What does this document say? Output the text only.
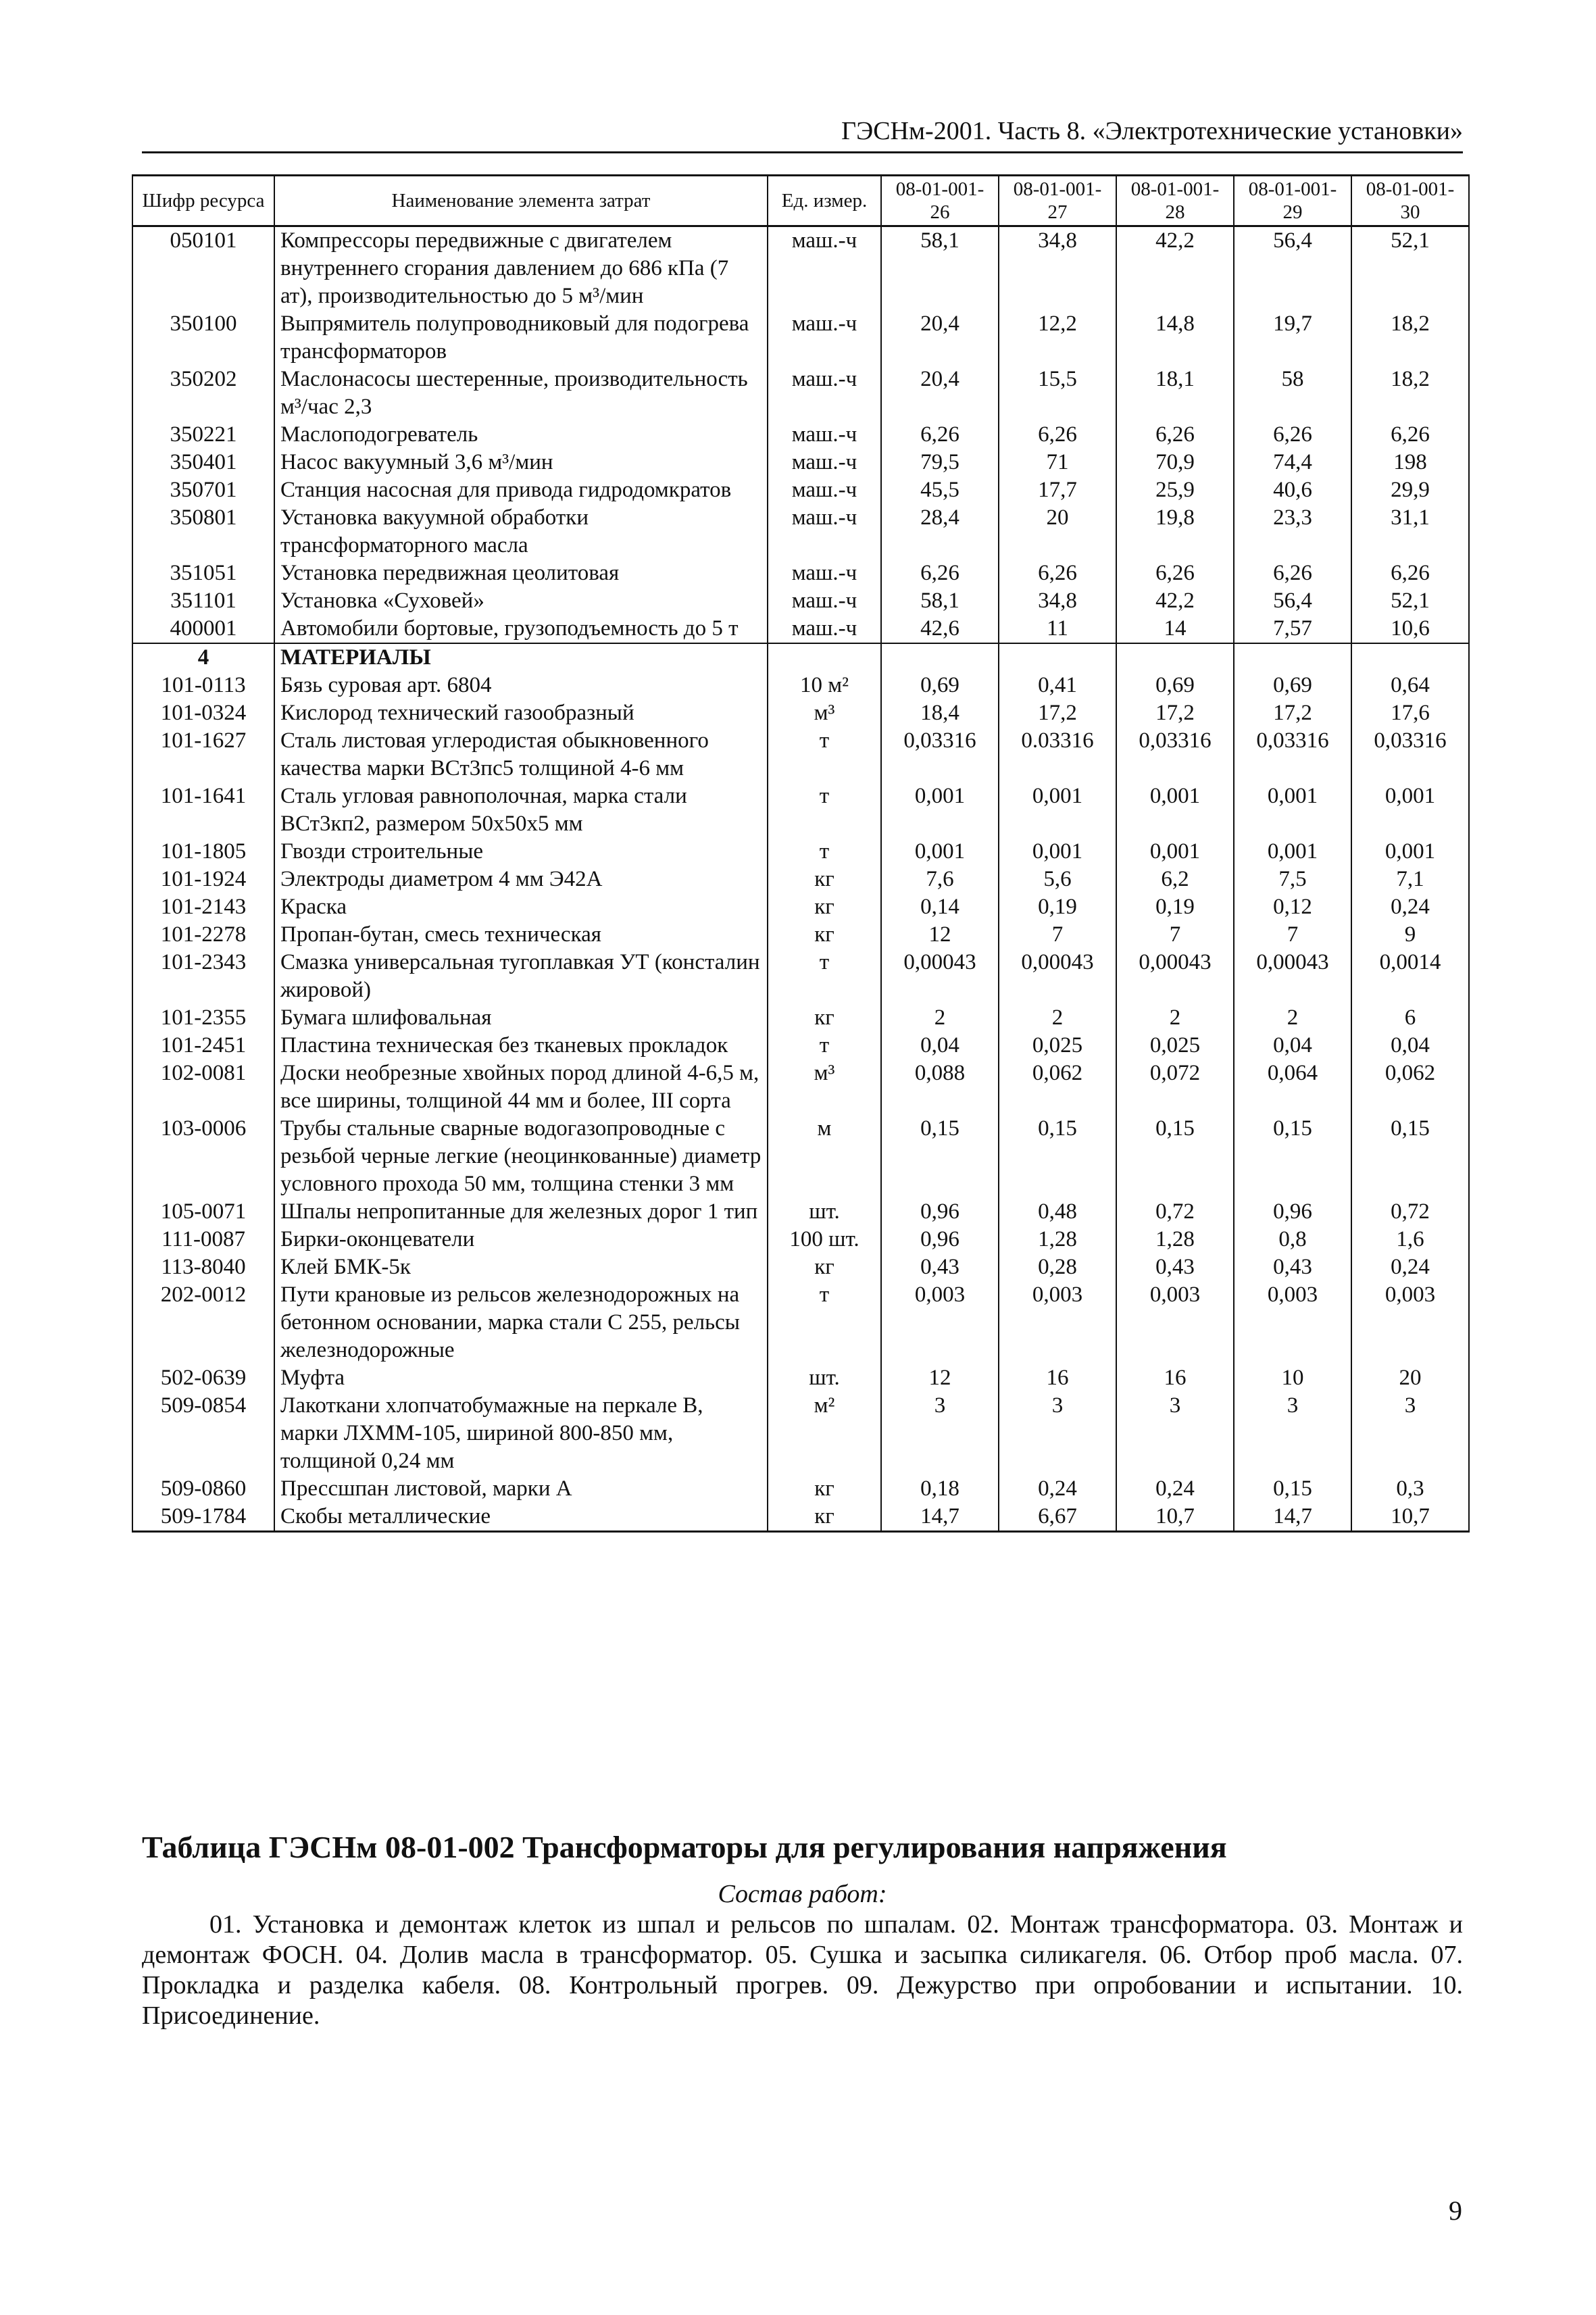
ГЭСНм-2001. Часть 8. «Электротехнические установки»
Шифр ресурса	Наименование элемента затрат	Ед. измер.	08-01-001-26	08-01-001-27	08-01-001-28	08-01-001-29	08-01-001-30
050101	Компрессоры передвижные с двигателем внутреннего сгорания давлением до 686 кПа (7 ат), производительностью до 5 м³/мин	маш.-ч	58,1	34,8	42,2	56,4	52,1
350100	Выпрямитель полупроводниковый для подогрева трансформаторов	маш.-ч	20,4	12,2	14,8	19,7	18,2
350202	Маслонасосы шестеренные, производительность м³/час 2,3	маш.-ч	20,4	15,5	18,1	58	18,2
350221	Маслоподогреватель	маш.-ч	6,26	6,26	6,26	6,26	6,26
350401	Насос вакуумный 3,6 м³/мин	маш.-ч	79,5	71	70,9	74,4	198
350701	Станция насосная для привода гидродомкратов	маш.-ч	45,5	17,7	25,9	40,6	29,9
350801	Установка вакуумной обработки трансформаторного масла	маш.-ч	28,4	20	19,8	23,3	31,1
351051	Установка передвижная цеолитовая	маш.-ч	6,26	6,26	6,26	6,26	6,26
351101	Установка «Суховей»	маш.-ч	58,1	34,8	42,2	56,4	52,1
400001	Автомобили бортовые, грузоподъемность до 5 т	маш.-ч	42,6	11	14	7,57	10,6
4	МАТЕРИАЛЫ						
101-0113	Бязь суровая арт. 6804	10 м²	0,69	0,41	0,69	0,69	0,64
101-0324	Кислород технический газообразный	м³	18,4	17,2	17,2	17,2	17,6
101-1627	Сталь листовая углеродистая обыкновенного качества марки ВСт3пс5 толщиной 4-6 мм	т	0,03316	0.03316	0,03316	0,03316	0,03316
101-1641	Сталь угловая равнополочная, марка стали ВСт3кп2, размером 50x50x5 мм	т	0,001	0,001	0,001	0,001	0,001
101-1805	Гвозди строительные	т	0,001	0,001	0,001	0,001	0,001
101-1924	Электроды диаметром 4 мм Э42А	кг	7,6	5,6	6,2	7,5	7,1
101-2143	Краска	кг	0,14	0,19	0,19	0,12	0,24
101-2278	Пропан-бутан, смесь техническая	кг	12	7	7	7	9
101-2343	Смазка универсальная тугоплавкая УТ (консталин жировой)	т	0,00043	0,00043	0,00043	0,00043	0,0014
101-2355	Бумага шлифовальная	кг	2	2	2	2	6
101-2451	Пластина техническая без тканевых прокладок	т	0,04	0,025	0,025	0,04	0,04
102-0081	Доски необрезные хвойных пород длиной 4-6,5 м, все ширины, толщиной 44 мм и более, III сорта	м³	0,088	0,062	0,072	0,064	0,062
103-0006	Трубы стальные сварные водогазопроводные с резьбой черные легкие (неоцинкованные) диаметр условного прохода 50 мм, толщина стенки 3 мм	м	0,15	0,15	0,15	0,15	0,15
105-0071	Шпалы непропитанные для железных дорог 1 тип	шт.	0,96	0,48	0,72	0,96	0,72
111-0087	Бирки-оконцеватели	100 шт.	0,96	1,28	1,28	0,8	1,6
113-8040	Клей БМК-5к	кг	0,43	0,28	0,43	0,43	0,24
202-0012	Пути крановые из рельсов железнодорожных на бетонном основании, марка стали С 255, рельсы железнодорожные	т	0,003	0,003	0,003	0,003	0,003
502-0639	Муфта	шт.	12	16	16	10	20
509-0854	Лакоткани хлопчатобумажные на перкале В, марки ЛХММ-105, шириной 800-850 мм, толщиной 0,24 мм	м²	3	3	3	3	3
509-0860	Прессшпан листовой, марки А	кг	0,18	0,24	0,24	0,15	0,3
509-1784	Скобы металлические	кг	14,7	6,67	10,7	14,7	10,7
Таблица ГЭСНм 08-01-002 Трансформаторы для регулирования напряжения
Состав работ:
01. Установка и демонтаж клеток из шпал и рельсов по шпалам. 02. Монтаж трансформатора. 03. Монтаж и демонтаж ФОСН. 04. Долив масла в трансформатор. 05. Сушка и засыпка силикагеля. 06. Отбор проб масла. 07. Прокладка и разделка кабеля. 08. Контрольный прогрев. 09. Дежурство при опробовании и испытании. 10. Присоединение.
9
